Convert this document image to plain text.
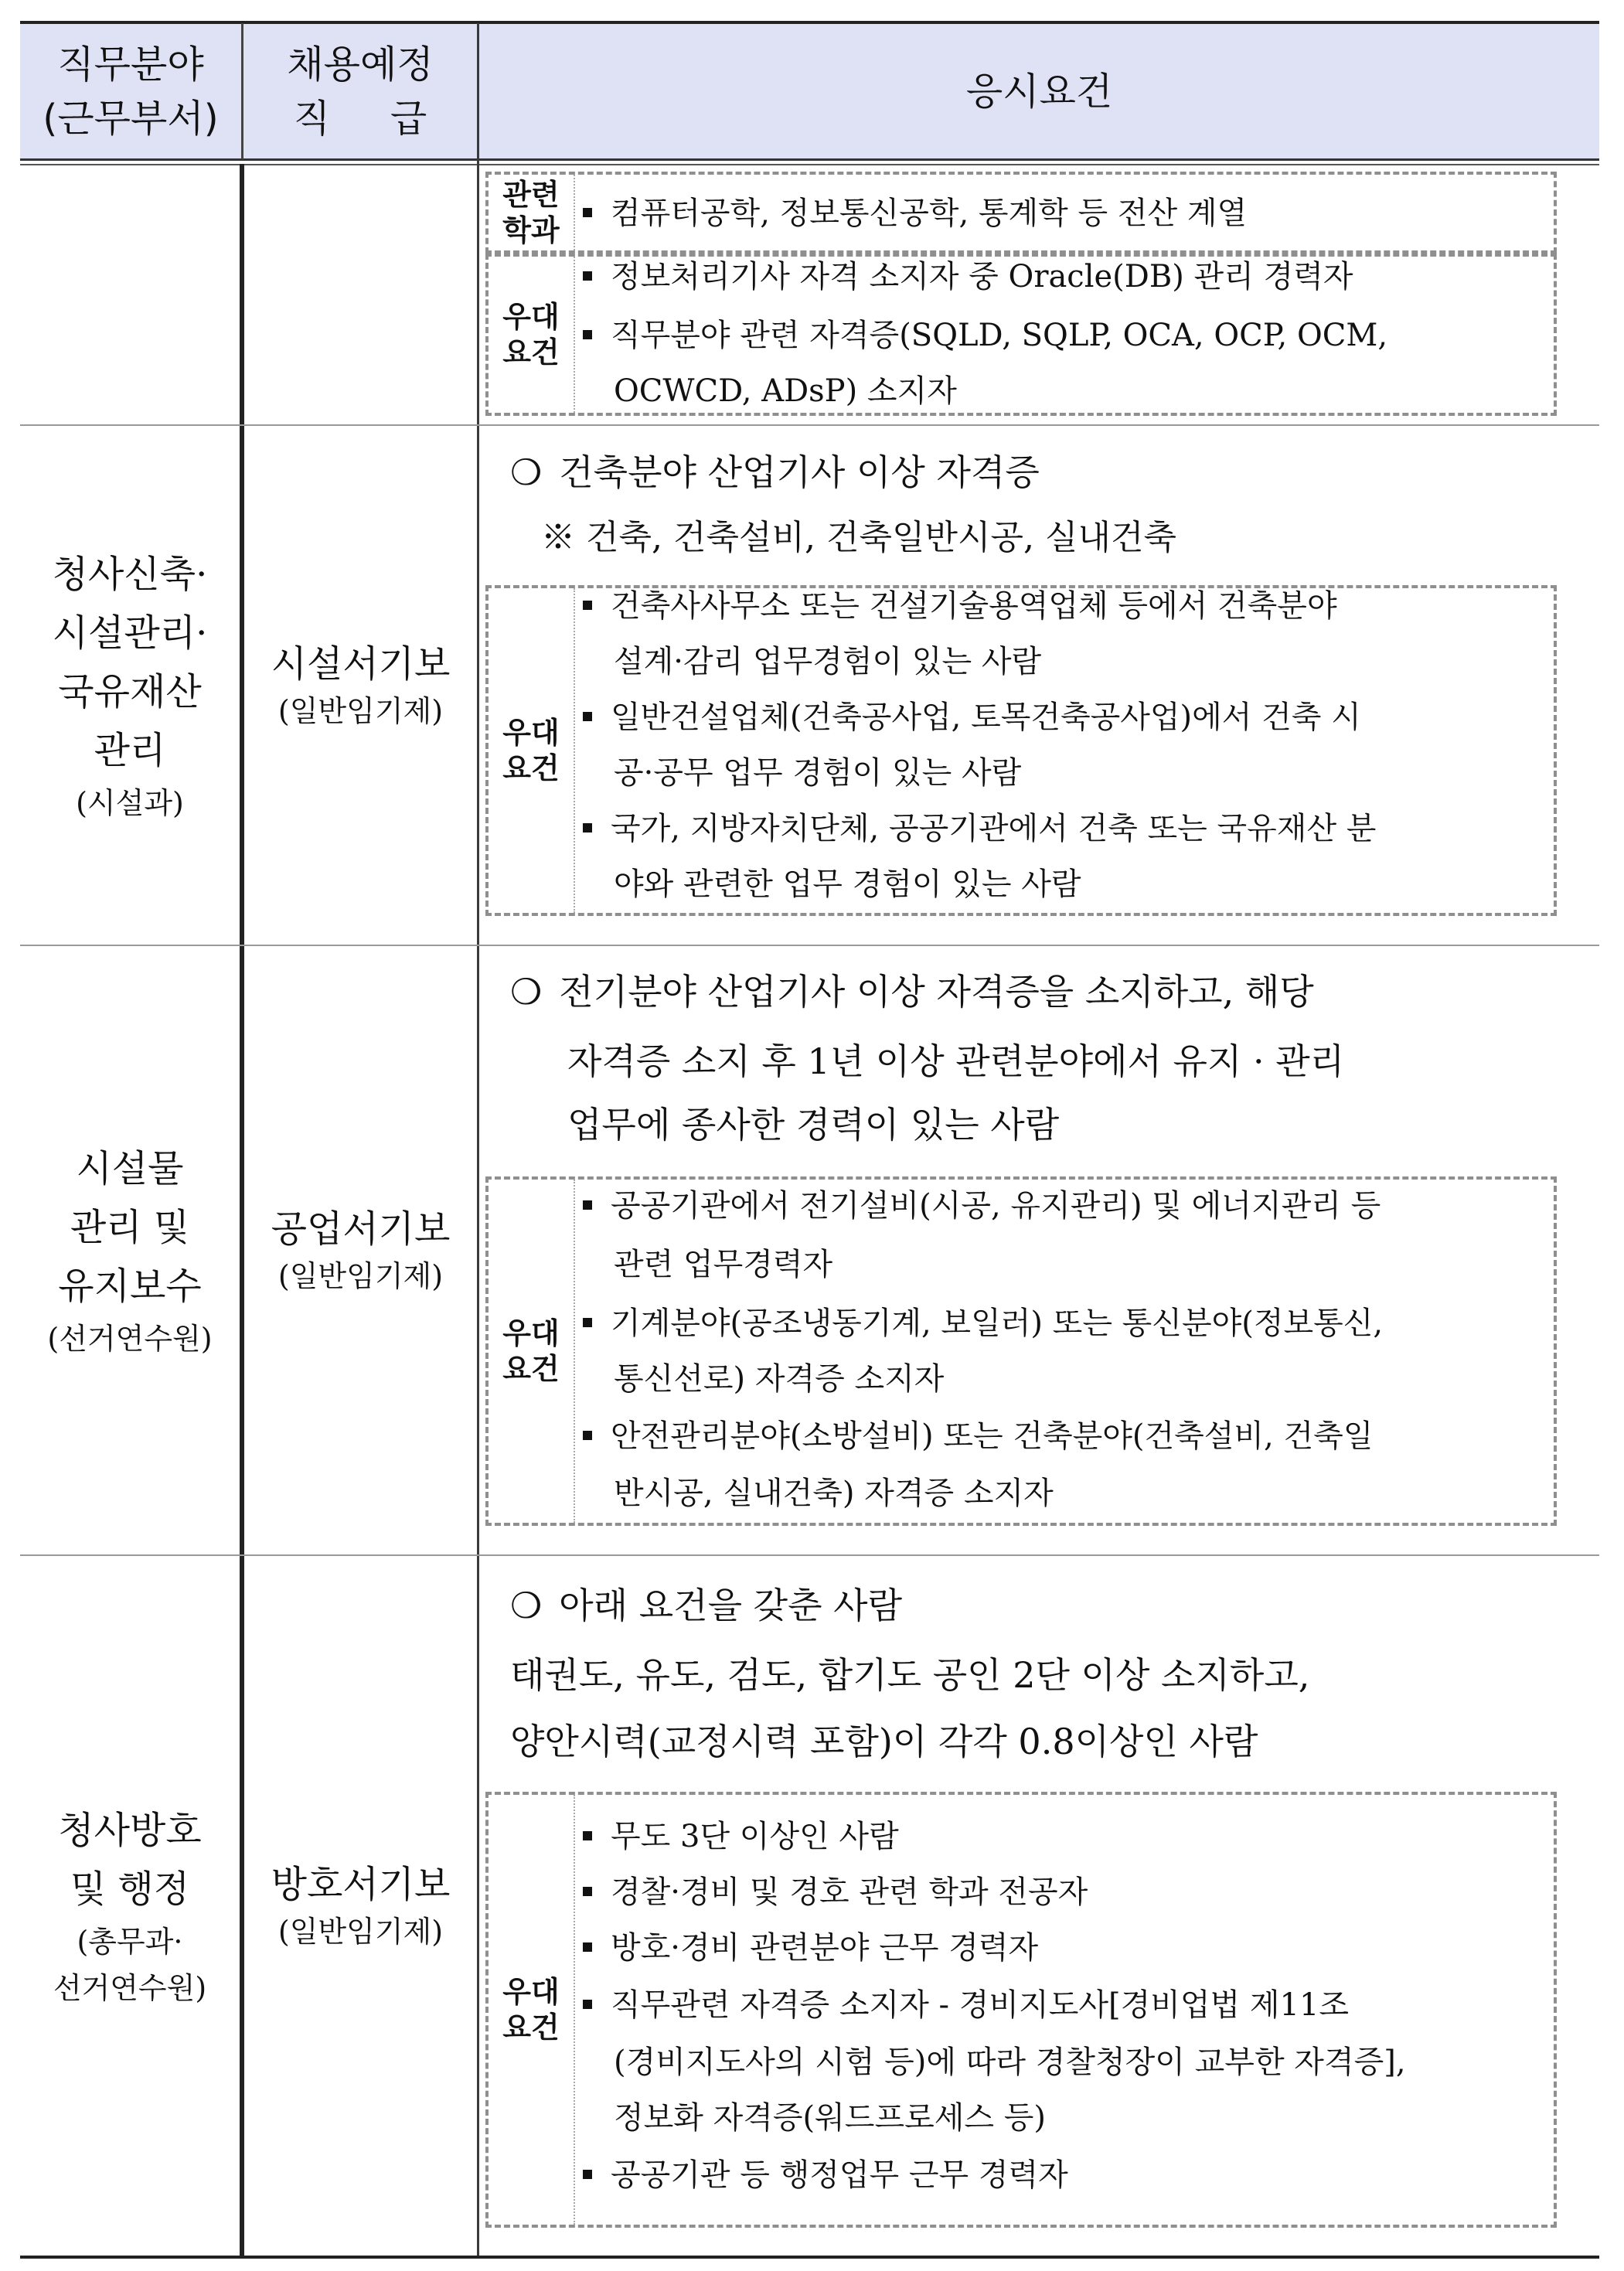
직무분야
(근무부서)
채용예정
직     급
응시요건
관련
학과	컴퓨터공학, 정보통신공학, 통계학 등 전산 계열
우대
요건
정보처리기사 자격 소지자 중 Oracle(DB) 관리 경력자
직무분야 관련 자격증(SQLD, SQLP, OCA, OCP, OCM,
OCWCD, ADsP) 소지자
청사신축·
시설관리·
국유재산
관리
(시설과)
시설서기보
(일반임기제)
❍ 건축분야 산업기사 이상 자격증
※ 건축, 건축설비, 건축일반시공, 실내건축
우대
요건
건축사사무소 또는 건설기술용역업체 등에서 건축분야
설계·감리 업무경험이 있는 사람
일반건설업체(건축공사업, 토목건축공사업)에서 건축 시
공·공무 업무 경험이 있는 사람
국가, 지방자치단체, 공공기관에서 건축 또는 국유재산 분
야와 관련한 업무 경험이 있는 사람
시설물
관리 및
유지보수
(선거연수원)
공업서기보
(일반임기제)
❍ 전기분야 산업기사 이상 자격증을 소지하고, 해당
자격증 소지 후 1년 이상 관련분야에서 유지 · 관리
업무에 종사한 경력이 있는 사람
우대
요건
공공기관에서 전기설비(시공, 유지관리) 및 에너지관리 등
관련 업무경력자
기계분야(공조냉동기계, 보일러) 또는 통신분야(정보통신,
통신선로) 자격증 소지자
안전관리분야(소방설비) 또는 건축분야(건축설비, 건축일
반시공, 실내건축) 자격증 소지자
청사방호
및 행정
(총무과·
선거연수원)
방호서기보
(일반임기제)
❍ 아래 요건을 갖춘 사람
태권도, 유도, 검도, 합기도 공인 2단 이상 소지하고,
양안시력(교정시력 포함)이 각각 0.8이상인 사람
우대
요건
무도 3단 이상인 사람
경찰·경비 및 경호 관련 학과 전공자
방호·경비 관련분야 근무 경력자
직무관련 자격증 소지자 - 경비지도사[경비업법 제11조
(경비지도사의 시험 등)에 따라 경찰청장이 교부한 자격증],
정보화 자격증(워드프로세스 등)
공공기관 등 행정업무 근무 경력자
